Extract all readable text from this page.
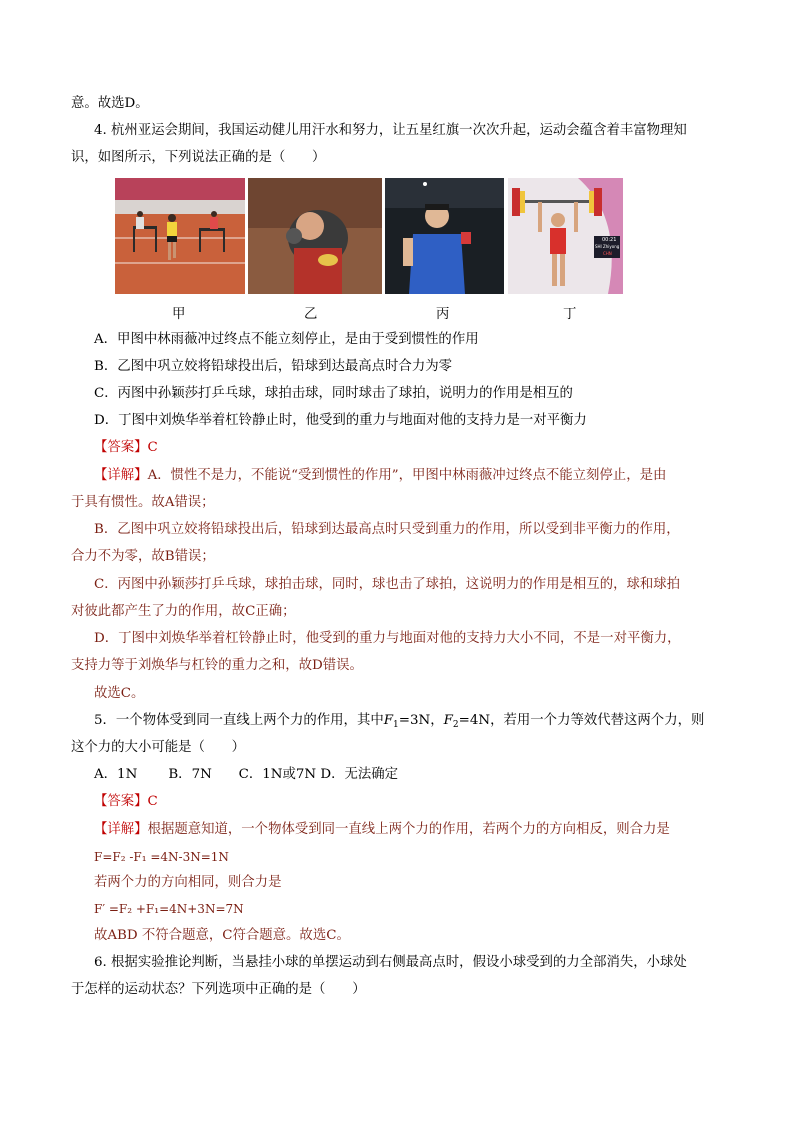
意。故选D。
4. 杭州亚运会期间，我国运动健儿用汗水和努力，让五星红旗一次次升起，运动会蕴含着丰富物理知
识，如图所示，下列说法正确的是（　　）
00:21
SHI Zhiyong
CHN
甲	乙	丙	丁
A．甲图中林雨薇冲过终点不能立刻停止，是由于受到惯性的作用
B．乙图中巩立姣将铅球投出后，铅球到达最高点时合力为零
C．丙图中孙颖莎打乒乓球，球拍击球，同时球击了球拍，说明力的作用是相互的
D．丁图中刘焕华举着杠铃静止时，他受到的重力与地面对他的支持力是一对平衡力
【答案】C
【详解】A．惯性不是力，不能说“受到惯性的作用”，甲图中林雨薇冲过终点不能立刻停止，是由
于具有惯性。故A错误；
B．乙图中巩立姣将铅球投出后，铅球到达最高点时只受到重力的作用，所以受到非平衡力的作用，
合力不为零，故B错误；
C．丙图中孙颖莎打乒乓球，球拍击球，同时，球也击了球拍，这说明力的作用是相互的，球和球拍
对彼此都产生了力的作用，故C正确；
D．丁图中刘焕华举着杠铃静止时，他受到的重力与地面对他的支持力大小不同，不是一对平衡力，
支持力等于刘焕华与杠铃的重力之和，故D错误。
故选C。
5．一个物体受到同一直线上两个力的作用，其中$F_1=3N$，$F_2=4N$，若用一个力等效代替这两个力，则
这个力的大小可能是（　　）
A．1N　　 B．7N　　C．1N或7N D．无法确定
【答案】C
【详解】根据题意知道，一个物体受到同一直线上两个力的作用，若两个力的方向相反，则合力是
F=F₂ -F₁ =4N-3N=1N
若两个力的方向相同，则合力是
F′ =F₂ +F₁=4N+3N=7N
故ABD 不符合题意，C符合题意。故选C。
6. 根据实验推论判断，当悬挂小球的单摆运动到右侧最高点时，假设小球受到的力全部消失，小球处
于怎样的运动状态？下列选项中正确的是（　　）
